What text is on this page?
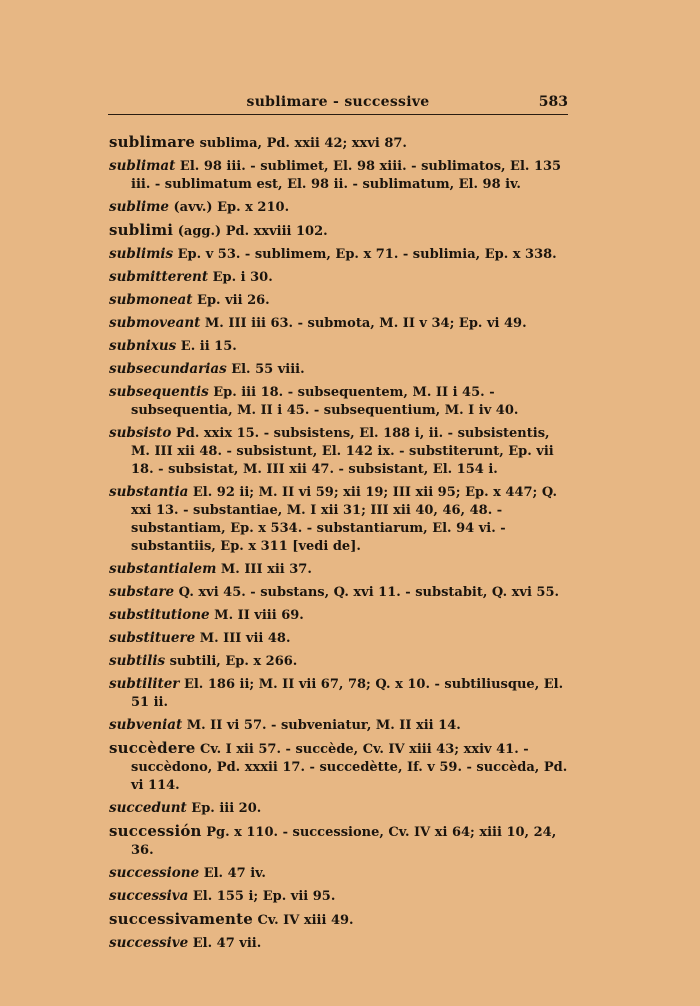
sublimare - successive	583
sublimare sublima, Pd. xxii 42; xxvi 87.
sublimat El. 98 iii. - sublimet, El. 98 xiii. - sublimatos, El. 135 iii. - sublimatum est, El. 98 ii. - sublimatum, El. 98 iv.
sublime (avv.) Ep. x 210.
sublimi (agg.) Pd. xxviii 102.
sublimis Ep. v 53. - sublimem, Ep. x 71. - sublimia, Ep. x 338.
submitterent Ep. i 30.
submoneat Ep. vii 26.
submoveant M. III iii 63. - submota, M. II v 34; Ep. vi 49.
subnixus E. ii 15.
subsecundarias El. 55 viii.
subsequentis Ep. iii 18. - subsequentem, M. II i 45. - subsequentia, M. II i 45. - subsequentium, M. I iv 40.
subsisto Pd. xxix 15. - subsistens, El. 188 i, ii. - subsistentis, M. III xii 48. - subsistunt, El. 142 ix. - substiterunt, Ep. vii 18. - subsistat, M. III xii 47. - subsistant, El. 154 i.
substantia El. 92 ii; M. II vi 59; xii 19; III xii 95; Ep. x 447; Q. xxi 13. - substantiae, M. I xii 31; III xii 40, 46, 48. - substantiam, Ep. x 534. - substantiarum, El. 94 vi. - substantiis, Ep. x 311 [vedi de].
substantialem M. III xii 37.
substare Q. xvi 45. - substans, Q. xvi 11. - substabit, Q. xvi 55.
substitutione M. II viii 69.
substituere M. III vii 48.
subtilis subtili, Ep. x 266.
subtiliter El. 186 ii; M. II vii 67, 78; Q. x 10. - subtiliusque, El. 51 ii.
subveniat M. II vi 57. - subveniatur, M. II xii 14.
succèdere Cv. I xii 57. - succède, Cv. IV xiii 43; xxiv 41. - succèdono, Pd. xxxii 17. - succedètte, If. v 59. - succèda, Pd. vi 114.
succedunt Ep. iii 20.
successión Pg. x 110. - successione, Cv. IV xi 64; xiii 10, 24, 36.
successione El. 47 iv.
successiva El. 155 i; Ep. vii 95.
successivamente Cv. IV xiii 49.
successive El. 47 vii.
